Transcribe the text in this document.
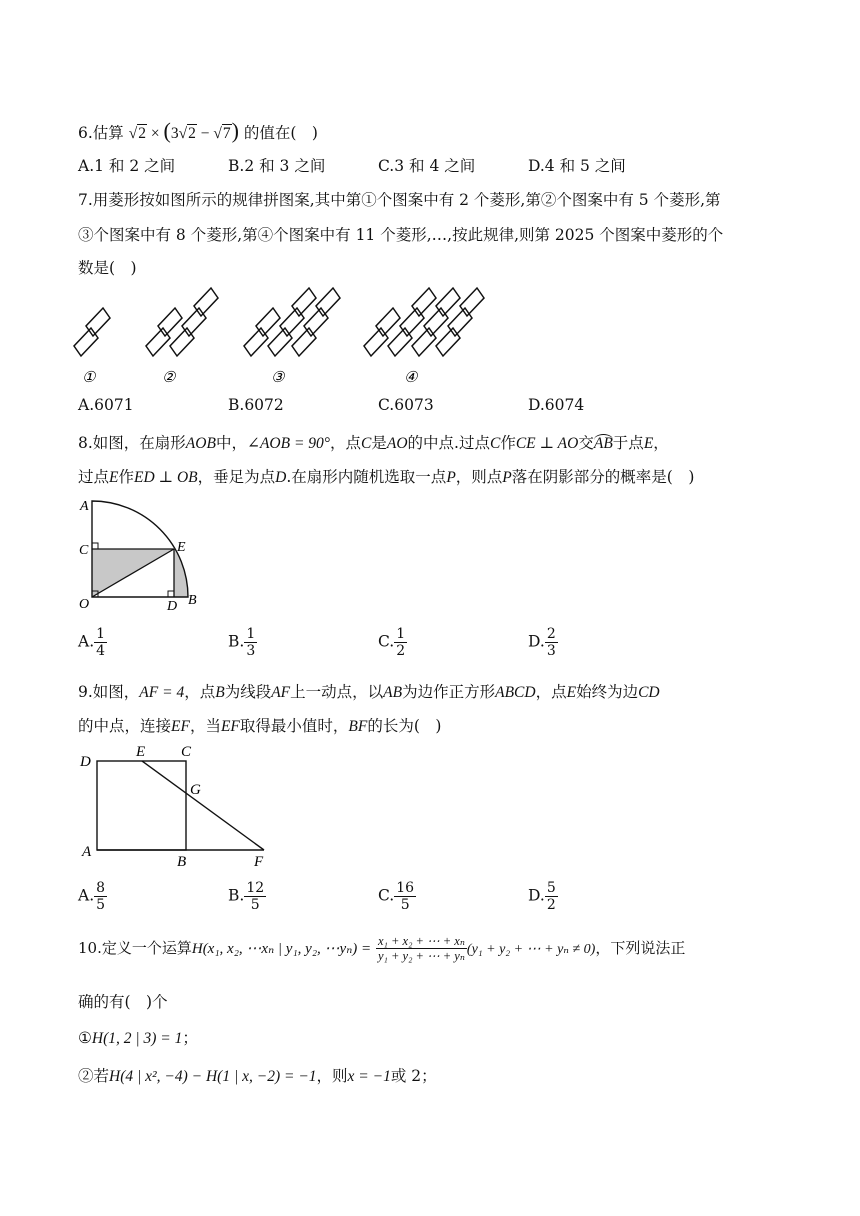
6.估算 √2 × (3√2 − √7) 的值在(　)
A.1 和 2 之间	B.2 和 3 之间	C.3 和 4 之间	D.4 和 5 之间
7.用菱形按如图所示的规律拼图案,其中第①个图案中有 2 个菱形,第②个图案中有 5 个菱形,第
③个图案中有 8 个菱形,第④个图案中有 11 个菱形,…,按此规律,则第 2025 个图案中菱形的个
数是(　)
①	②	③	④
A.6071	B.6072	C.6073	D.6074
8.如图，在扇形AOB中，∠AOB = 90°，点C是AO的中点.过点C作CE ⊥ AO交AB于点E，
过点E作ED ⊥ OB，垂足为点D.在扇形内随机选取一点P，则点P落在阴影部分的概率是(　)
A
C	E
O	D B
A. $\frac{1}{4}$	B. $\frac{1}{3}$	C. $\frac{1}{2}$	D. $\frac{2}{3}$
9.如图，AF = 4，点B为线段AF上一动点，以AB为边作正方形ABCD，点E始终为边CD
的中点，连接EF，当EF取得最小值时，BF的长为(　)
D
E C
G
A
B	F
A. $\frac{8}{5}$	B. $\frac{12}{5}$	C. $\frac{16}{5}$	D. $\frac{5}{2}$
10.定义一个运算H(x₁, x₂, ⋯xₙ | y₁, y₂, ⋯yₙ) = $\frac{\text{x₁ + x₂ + ⋯ + xₙ}}{\text{y₁ + y₂ + ⋯ + yₙ}} (y_1 + y_2$ + ⋯ + yₙ ≠ 0)，下列说法正
确的有(　)个
①H(1, 2 | 3) = 1；
②若H(4 | x², −4) − H(1 | x, −2) = −1，则x = −1或 2；
